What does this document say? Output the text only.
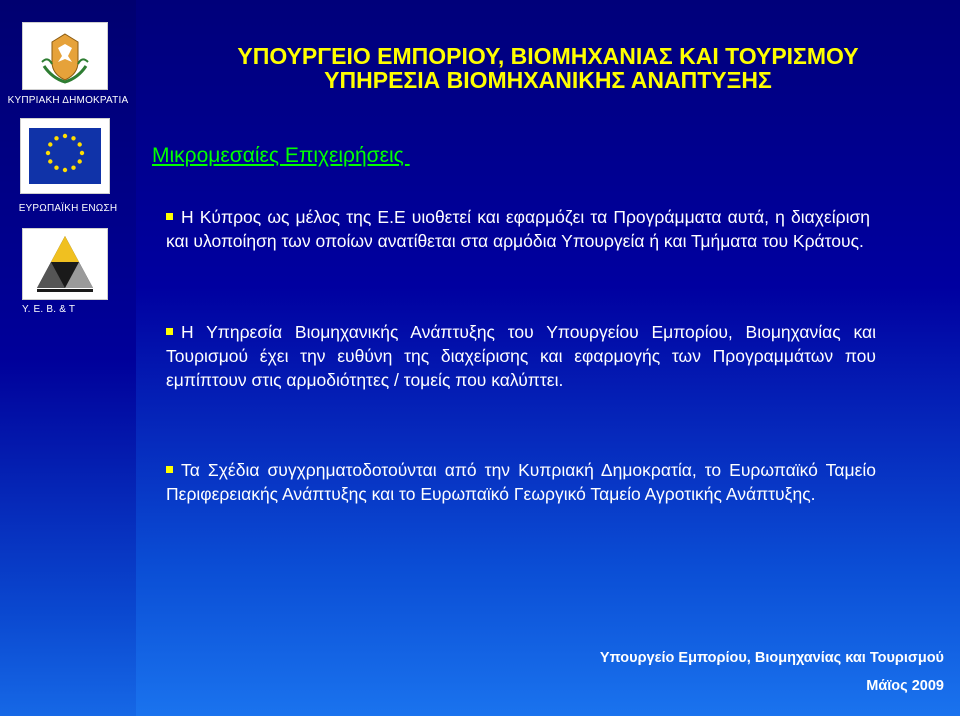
ΚΥΠΡΙΑΚΗ ΔΗΜΟΚΡΑΤΙΑ
ΕΥΡΩΠΑΪΚΗ ΕΝΩΣΗ
Υ. Ε. Β. & Τ
ΥΠΟΥΡΓΕΙΟ ΕΜΠΟΡΙΟΥ, ΒΙΟΜΗΧΑΝΙΑΣ ΚΑΙ ΤΟΥΡΙΣΜΟΥ
ΥΠΗΡΕΣΙΑ ΒΙΟΜΗΧΑΝΙΚΗΣ ΑΝΑΠΤΥΞΗΣ
Μικρομεσαίες Επιχειρήσεις
Η Κύπρος ως μέλος της Ε.Ε υιοθετεί και εφαρμόζει τα Προγράμματα αυτά, η διαχείριση και υλοποίηση των οποίων ανατίθεται στα αρμόδια Υπουργεία ή και Τμήματα του Κράτους.
Η Υπηρεσία Βιομηχανικής Ανάπτυξης του Υπουργείου Εμπορίου, Βιομηχανίας και Τουρισμού έχει την ευθύνη της διαχείρισης και εφαρμογής των Προγραμμάτων που εμπίπτουν στις αρμοδιότητες / τομείς που καλύπτει.
Τα Σχέδια συγχρηματοδοτούνται από την Κυπριακή Δημοκρατία, το Ευρωπαϊκό Ταμείο Περιφερειακής Ανάπτυξης και το Ευρωπαϊκό Γεωργικό Ταμείο Αγροτικής Ανάπτυξης.
Υπουργείο Εμπορίου, Βιομηχανίας και Τουρισμού
Μάϊος 2009
